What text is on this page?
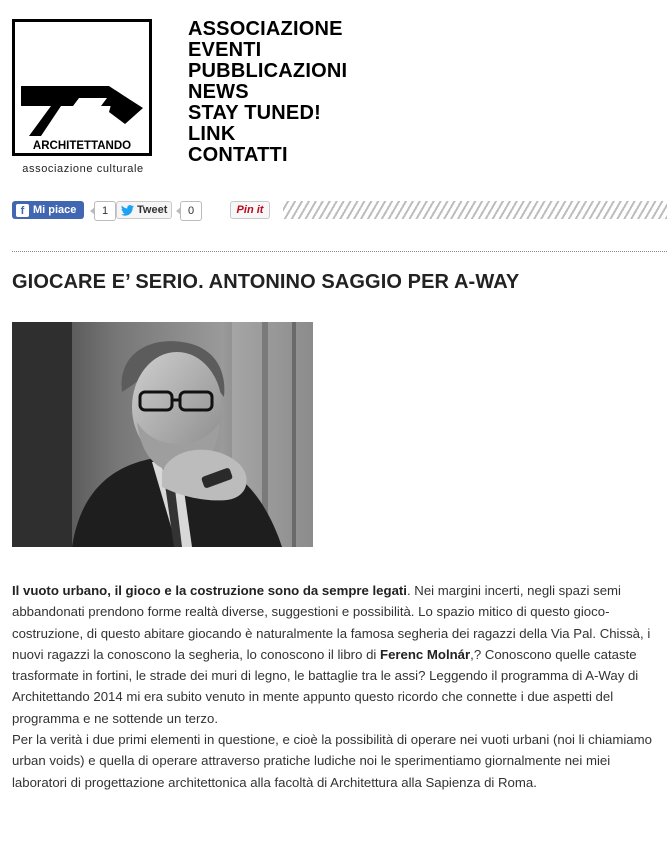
ARCHITETTANDO
associazione culturale
ASSOCIAZIONE
EVENTI
PUBBLICAZIONI
NEWS
STAY TUNED!
LINK
CONTATTI
f Mi piace	1	Tweet	0	Pin it
GIOCARE E’ SERIO. ANTONINO SAGGIO PER A-WAY

Il vuoto urbano, il gioco e la costruzione sono da sempre legati. Nei margini incerti, negli spazi semi abbandonati prendono forme realtà diverse, suggestioni e possibilità. Lo spazio mitico di questo gioco-costruzione, di questo abitare giocando è naturalmente la famosa segheria dei ragazzi della Via Pal. Chissà, i nuovi ragazzi la conoscono la segheria, lo conoscono il libro di Ferenc Molnár,? Conoscono quelle cataste trasformate in fortini, le strade dei muri di legno, le battaglie tra le assi? Leggendo il programma di A-Way di Architettando 2014 mi era subito venuto in mente appunto questo ricordo che connette i due aspetti del programma e ne sottende un terzo.

Per la verità i due primi elementi in questione, e cioè la possibilità di operare nei vuoti urbani (noi li chiamiamo urban voids) e quella di operare attraverso pratiche ludiche noi le sperimentiamo giornalmente nei miei laboratori di progettazione architettonica alla facoltà di Architettura alla Sapienza di Roma.
